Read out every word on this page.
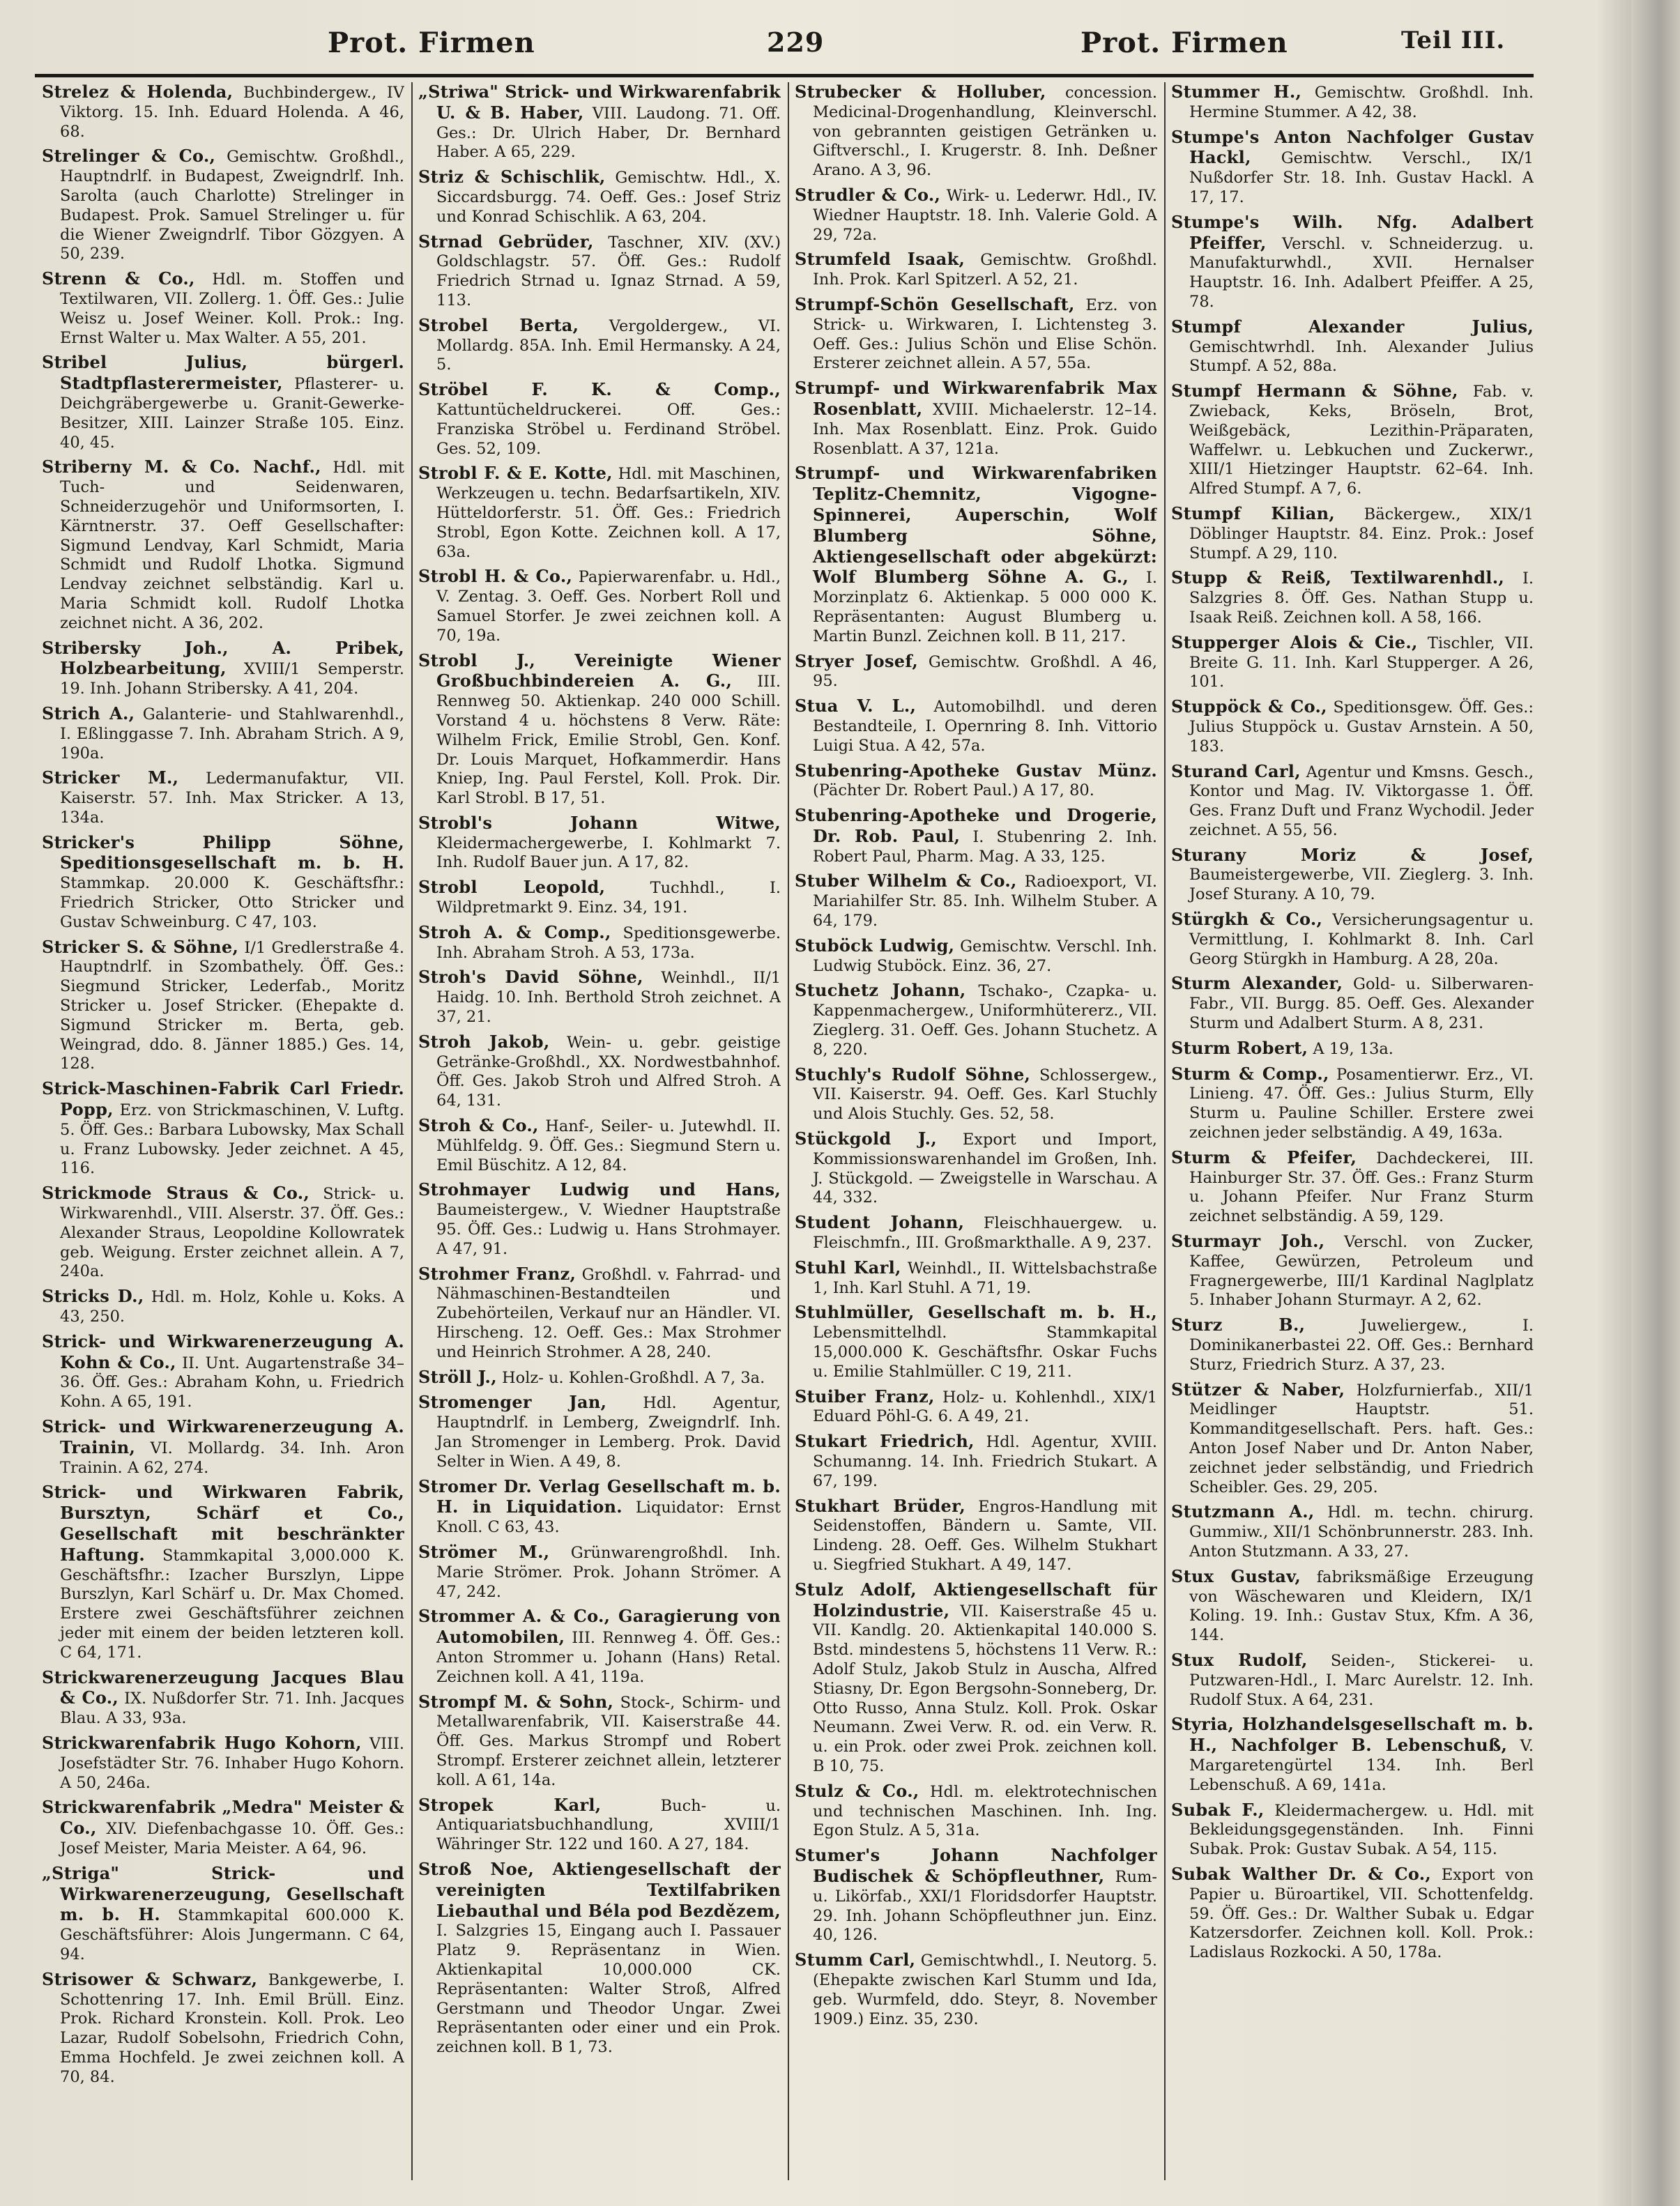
Prot. Firmen	229	Prot. Firmen	Teil III.

Strelez & Holenda, Buchbindergew., IV Viktorg. 15. Inh. Eduard Holenda. A 46, 68.

Strelinger & Co., Gemischtw. Großhdl., Hauptndrlf. in Budapest, Zweigndrlf. Inh. Sarolta (auch Charlotte) Strelinger in Budapest. Prok. Samuel Strelinger u. für die Wiener Zweigndrlf. Tibor Gözgyen. A 50, 239.

Strenn & Co., Hdl. m. Stoffen und Textilwaren, VII. Zollerg. 1. Öff. Ges.: Julie Weisz u. Josef Weiner. Koll. Prok.: Ing. Ernst Walter u. Max Walter. A 55, 201.

Stribel Julius, bürgerl. Stadtpflasterermeister, Pflasterer- u. Deichgräbergewerbe u. Granit-Gewerke-Besitzer, XIII. Lainzer Straße 105. Einz. 40, 45.

Striberny M. & Co. Nachf., Hdl. mit Tuch- und Seidenwaren, Schneiderzugehör und Uniformsorten, I. Kärntnerstr. 37. Oeff Gesellschafter: Sigmund Lendvay, Karl Schmidt, Maria Schmidt und Rudolf Lhotka. Sigmund Lendvay zeichnet selbständig. Karl u. Maria Schmidt koll. Rudolf Lhotka zeichnet nicht. A 36, 202.

Stribersky Joh., A. Pribek, Holzbearbeitung, XVIII/1 Semperstr. 19. Inh. Johann Stribersky. A 41, 204.

Strich A., Galanterie- und Stahlwarenhdl., I. Eßlinggasse 7. Inh. Abraham Strich. A 9, 190a.

Stricker M., Ledermanufaktur, VII. Kaiserstr. 57. Inh. Max Stricker. A 13, 134a.

Stricker's Philipp Söhne, Speditionsgesellschaft m. b. H. Stammkap. 20.000 K. Geschäftsfhr.: Friedrich Stricker, Otto Stricker und Gustav Schweinburg. C 47, 103.

Stricker S. & Söhne, I/1 Gredlerstraße 4. Hauptndrlf. in Szombathely. Öff. Ges.: Siegmund Stricker, Lederfab., Moritz Stricker u. Josef Stricker. (Ehepakte d. Sigmund Stricker m. Berta, geb. Weingrad, ddo. 8. Jänner 1885.) Ges. 14, 128.

Strick-Maschinen-Fabrik Carl Friedr. Popp, Erz. von Strickmaschinen, V. Luftg. 5. Öff. Ges.: Barbara Lubowsky, Max Schall u. Franz Lubowsky. Jeder zeichnet. A 45, 116.

Strickmode Straus & Co., Strick- u. Wirkwarenhdl., VIII. Alserstr. 37. Öff. Ges.: Alexander Straus, Leopoldine Kollowratek geb. Weigung. Erster zeichnet allein. A 7, 240a.

Stricks D., Hdl. m. Holz, Kohle u. Koks. A 43, 250.

Strick- und Wirkwarenerzeugung A. Kohn & Co., II. Unt. Augartenstraße 34–36. Öff. Ges.: Abraham Kohn, u. Friedrich Kohn. A 65, 191.

Strick- und Wirkwarenerzeugung A. Trainin, VI. Mollardg. 34. Inh. Aron Trainin. A 62, 274.

Strick- und Wirkwaren Fabrik, Bursztyn, Schärf et Co., Gesellschaft mit beschränkter Haftung. Stammkapital 3,000.000 K. Geschäftsfhr.: Izacher Burszlyn, Lippe Burszlyn, Karl Schärf u. Dr. Max Chomed. Erstere zwei Geschäftsführer zeichnen jeder mit einem der beiden letzteren koll. C 64, 171.

Strickwarenerzeugung Jacques Blau & Co., IX. Nußdorfer Str. 71. Inh. Jacques Blau. A 33, 93a.

Strickwarenfabrik Hugo Kohorn, VIII. Josefstädter Str. 76. Inhaber Hugo Kohorn. A 50, 246a.

Strickwarenfabrik „Medra" Meister & Co., XIV. Diefenbachgasse 10. Öff. Ges.: Josef Meister, Maria Meister. A 64, 96.

„Striga" Strick- und Wirkwarenerzeugung, Gesellschaft m. b. H. Stammkapital 600.000 K. Geschäftsführer: Alois Jungermann. C 64, 94.

Strisower & Schwarz, Bankgewerbe, I. Schottenring 17. Inh. Emil Brüll. Einz. Prok. Richard Kronstein. Koll. Prok. Leo Lazar, Rudolf Sobelsohn, Friedrich Cohn, Emma Hochfeld. Je zwei zeichnen koll. A 70, 84.

„Striwa" Strick- und Wirkwarenfabrik U. & B. Haber, VIII. Laudong. 71. Off. Ges.: Dr. Ulrich Haber, Dr. Bernhard Haber. A 65, 229.

Striz & Schischlik, Gemischtw. Hdl., X. Siccardsburgg. 74. Oeff. Ges.: Josef Striz und Konrad Schischlik. A 63, 204.

Strnad Gebrüder, Taschner, XIV. (XV.) Goldschlagstr. 57. Öff. Ges.: Rudolf Friedrich Strnad u. Ignaz Strnad. A 59, 113.

Strobel Berta, Vergoldergew., VI. Mollardg. 85A. Inh. Emil Hermansky. A 24, 5.

Ströbel F. K. & Comp., Kattuntücheldruckerei. Off. Ges.: Franziska Ströbel u. Ferdinand Ströbel. Ges. 52, 109.

Strobl F. & E. Kotte, Hdl. mit Maschinen, Werkzeugen u. techn. Bedarfsartikeln, XIV. Hütteldorferstr. 51. Öff. Ges.: Friedrich Strobl, Egon Kotte. Zeichnen koll. A 17, 63a.

Strobl H. & Co., Papierwarenfabr. u. Hdl., V. Zentag. 3. Oeff. Ges. Norbert Roll und Samuel Storfer. Je zwei zeichnen koll. A 70, 19a.

Strobl J., Vereinigte Wiener Großbuchbindereien A. G., III. Rennweg 50. Aktienkap. 240 000 Schill. Vorstand 4 u. höchstens 8 Verw. Räte: Wilhelm Frick, Emilie Strobl, Gen. Konf. Dr. Louis Marquet, Hofkammerdir. Hans Kniep, Ing. Paul Ferstel, Koll. Prok. Dir. Karl Strobl. B 17, 51.

Strobl's Johann Witwe, Kleidermachergewerbe, I. Kohlmarkt 7. Inh. Rudolf Bauer jun. A 17, 82.

Strobl Leopold,	Tuchhdl., I. Wildpretmarkt 9. Einz. 34, 191.

Stroh A. & Comp., Speditionsgewerbe. Inh. Abraham Stroh. A 53, 173a.

Stroh's David Söhne, Weinhdl., II/1 Haidg. 10. Inh. Berthold Stroh zeichnet. A 37, 21.

Stroh Jakob, Wein- u. gebr. geistige Getränke-Großhdl., XX. Nordwestbahnhof. Öff. Ges. Jakob Stroh und Alfred Stroh. A 64, 131.

Stroh & Co., Hanf-, Seiler- u. Jutewhdl. II. Mühlfeldg. 9. Öff. Ges.: Siegmund Stern u. Emil Büschitz. A 12, 84.

Strohmayer Ludwig und Hans, Baumeistergew., V. Wiedner Hauptstraße 95. Öff. Ges.: Ludwig u. Hans Strohmayer. A 47, 91.

Strohmer Franz, Großhdl. v. Fahrrad- und Nähmaschinen-Bestandteilen und Zubehörteilen, Verkauf nur an Händler. VI. Hirscheng. 12. Oeff. Ges.: Max Strohmer und Heinrich Strohmer. A 28, 240.

Ströll J., Holz- u. Kohlen-Großhdl. A 7, 3a.

Stromenger Jan, Hdl. Agentur, Hauptndrlf. in Lemberg, Zweigndrlf. Inh. Jan Stromenger in Lemberg. Prok. David Selter in Wien. A 49, 8.

Stromer Dr. Verlag Gesellschaft m. b. H. in Liquidation. Liquidator: Ernst Knoll. C 63, 43.

Strömer M., Grünwarengroßhdl. Inh. Marie Strömer. Prok. Johann Strömer. A 47, 242.

Strommer A. & Co., Garagierung von Automobilen, III. Rennweg 4. Öff. Ges.: Anton Strommer u. Johann (Hans) Retal. Zeichnen koll. A 41, 119a.

Strompf M. & Sohn, Stock-, Schirm- und Metallwarenfabrik, VII. Kaiserstraße 44. Öff. Ges. Markus Strompf und Robert Strompf. Ersterer zeichnet allein, letzterer koll. A 61, 14a.

Stropek Karl,	Buch- u. Antiquariatsbuchhandlung, XVIII/1 Währinger Str. 122 und 160. A 27, 184.

Stroß Noe, Aktiengesellschaft der vereinigten Textilfabriken Liebauthal und Béla pod Bezdězem, I. Salzgries 15, Eingang auch I. Passauer Platz 9. Repräsentanz in Wien. Aktienkapital 10,000.000 CK. Repräsentanten: Walter Stroß, Alfred Gerstmann und Theodor Ungar. Zwei Repräsentanten oder einer und ein Prok. zeichnen koll. B 1, 73.

Strubecker & Holluber, concession. Medicinal-Drogenhandlung, Kleinverschl. von gebrannten geistigen Getränken u. Giftverschl., I. Krugerstr. 8. Inh. Deßner Arano. A 3, 96.

Strudler & Co., Wirk- u. Lederwr. Hdl., IV. Wiedner Hauptstr. 18. Inh. Valerie Gold. A 29, 72a.

Strumfeld Isaak, Gemischtw. Großhdl. Inh. Prok. Karl Spitzerl. A 52, 21.

Strumpf-Schön Gesellschaft, Erz. von Strick- u. Wirkwaren, I. Lichtensteg 3. Oeff. Ges.: Julius Schön und Elise Schön. Ersterer zeichnet allein. A 57, 55a.

Strumpf- und Wirkwarenfabrik Max Rosenblatt, XVIII. Michaelerstr. 12–14. Inh. Max Rosenblatt. Einz. Prok. Guido Rosenblatt. A 37, 121a.

Strumpf- und Wirkwarenfabriken Teplitz-Chemnitz, Vigogne-Spinnerei, Auperschin, Wolf Blumberg Söhne, Aktiengesellschaft oder abgekürzt: Wolf Blumberg Söhne A. G., I. Morzinplatz 6. Aktienkap. 5 000 000 K. Repräsentanten: August Blumberg u. Martin Bunzl. Zeichnen koll. B 11, 217.

Stryer Josef, Gemischtw. Großhdl. A 46, 95.

Stua V. L., Automobilhdl. und deren Bestandteile, I. Opernring 8. Inh. Vittorio Luigi Stua. A 42, 57a.

Stubenring-Apotheke Gustav Münz. (Pächter Dr. Robert Paul.) A 17, 80.

Stubenring-Apotheke und Drogerie, Dr. Rob. Paul, I. Stubenring 2. Inh. Robert Paul, Pharm. Mag. A 33, 125.

Stuber Wilhelm & Co., Radioexport, VI. Mariahilfer Str. 85. Inh. Wilhelm Stuber. A 64, 179.

Stuböck Ludwig, Gemischtw. Verschl. Inh. Ludwig Stuböck. Einz. 36, 27.

Stuchetz Johann, Tschako-, Czapka- u. Kappenmachergew., Uniformhütererz., VII. Zieglerg. 31. Oeff. Ges. Johann Stuchetz. A 8, 220.

Stuchly's Rudolf Söhne, Schlossergew., VII. Kaiserstr. 94. Oeff. Ges. Karl Stuchly und Alois Stuchly. Ges. 52, 58.

Stückgold J., Export und Import, Kommissionswarenhandel im Großen, Inh. J. Stückgold. — Zweigstelle in Warschau. A 44, 332.

Student Johann, Fleischhauergew. u. Fleischmfn., III. Großmarkthalle. A 9, 237.

Stuhl Karl, Weinhdl., II. Wittelsbachstraße 1, Inh. Karl Stuhl. A 71, 19.

Stuhlmüller, Gesellschaft m. b. H., Lebensmittelhdl. Stammkapital 15,000.000 K. Geschäftsfhr. Oskar Fuchs u. Emilie Stahlmüller. C 19, 211.

Stuiber Franz, Holz- u. Kohlenhdl., XIX/1 Eduard Pöhl-G. 6. A 49, 21.

Stukart Friedrich, Hdl. Agentur, XVIII. Schumanng. 14. Inh. Friedrich Stukart. A 67, 199.

Stukhart Brüder, Engros-Handlung mit Seidenstoffen, Bändern u. Samte, VII. Lindeng. 28. Oeff. Ges. Wilhelm Stukhart u. Siegfried Stukhart. A 49, 147.

Stulz Adolf, Aktiengesellschaft für Holzindustrie, VII. Kaiserstraße 45 u. VII. Kandlg. 20. Aktienkapital 140.000 S. Bstd. mindestens 5, höchstens 11 Verw. R.: Adolf Stulz, Jakob Stulz in Auscha, Alfred Stiasny, Dr. Egon Bergsohn-Sonneberg, Dr. Otto Russo, Anna Stulz. Koll. Prok. Oskar Neumann. Zwei Verw. R. od. ein Verw. R. u. ein Prok. oder zwei Prok. zeichnen koll. B 10, 75.

Stulz & Co., Hdl. m. elektrotechnischen und technischen Maschinen. Inh. Ing. Egon Stulz. A 5, 31a.

Stumer's Johann Nachfolger Budischek & Schöpfleuthner, Rum- u. Likörfab., XXI/1 Floridsdorfer Hauptstr. 29. Inh. Johann Schöpfleuthner jun. Einz. 40, 126.

Stumm Carl, Gemischtwhdl., I. Neutorg. 5. (Ehepakte zwischen Karl Stumm und Ida, geb. Wurmfeld, ddo. Steyr, 8. November 1909.) Einz. 35, 230.

Stummer H., Gemischtw. Großhdl. Inh. Hermine Stummer. A 42, 38.

Stumpe's Anton Nachfolger Gustav Hackl, Gemischtw. Verschl., IX/1 Nußdorfer Str. 18. Inh. Gustav Hackl. A 17, 17.

Stumpe's Wilh. Nfg. Adalbert Pfeiffer, Verschl. v. Schneiderzug. u. Manufakturwhdl., XVII. Hernalser Hauptstr. 16. Inh. Adalbert Pfeiffer. A 25, 78.

Stumpf Alexander Julius, Gemischtwrhdl. Inh. Alexander Julius Stumpf. A 52, 88a.

Stumpf Hermann & Söhne, Fab. v. Zwieback, Keks, Bröseln, Brot, Weißgebäck, Lezithin-Präparaten, Waffelwr. u. Lebkuchen und Zuckerwr., XIII/1 Hietzinger Hauptstr. 62–64. Inh. Alfred Stumpf. A 7, 6.

Stumpf Kilian, Bäckergew., XIX/1 Döblinger Hauptstr. 84. Einz. Prok.: Josef Stumpf. A 29, 110.

Stupp & Reiß, Textilwarenhdl., I. Salzgries 8. Öff. Ges. Nathan Stupp u. Isaak Reiß. Zeichnen koll. A 58, 166.

Stupperger Alois & Cie., Tischler, VII. Breite G. 11. Inh. Karl Stupperger. A 26, 101.

Stuppöck & Co., Speditionsgew. Öff. Ges.: Julius Stuppöck u. Gustav Arnstein. A 50, 183.

Sturand Carl, Agentur und Kmsns. Gesch., Kontor und Mag. IV. Viktorgasse 1. Öff. Ges. Franz Duft und Franz Wychodil. Jeder zeichnet. A 55, 56.

Sturany Moriz & Josef, Baumeistergewerbe, VII. Zieglerg. 3. Inh. Josef Sturany. A 10, 79.

Stürgkh & Co., Versicherungsagentur u. Vermittlung, I. Kohlmarkt 8. Inh. Carl Georg Stürgkh in Hamburg. A 28, 20a.

Sturm Alexander, Gold- u. Silberwaren-Fabr., VII. Burgg. 85. Oeff. Ges. Alexander Sturm und Adalbert Sturm. A 8, 231.

Sturm Robert, A 19, 13a.

Sturm & Comp., Posamentierwr. Erz., VI. Linieng. 47. Öff. Ges.: Julius Sturm, Elly Sturm u. Pauline Schiller. Erstere zwei zeichnen jeder selbständig. A 49, 163a.

Sturm & Pfeifer, Dachdeckerei, III. Hainburger Str. 37. Öff. Ges.: Franz Sturm u. Johann Pfeifer. Nur Franz Sturm zeichnet selbständig. A 59, 129.

Sturmayr Joh., Verschl. von Zucker, Kaffee, Gewürzen, Petroleum und Fragnergewerbe, III/1 Kardinal Naglplatz 5. Inhaber Johann Sturmayr. A 2, 62.

Sturz B.,	Juweliergew., I. Dominikanerbastei 22. Off. Ges.: Bernhard Sturz, Friedrich Sturz. A 37, 23.

Stützer & Naber, Holzfurnierfab., XII/1 Meidlinger Hauptstr. 51. Kommanditgesellschaft. Pers. haft. Ges.: Anton Josef Naber und Dr. Anton Naber, zeichnet jeder selbständig, und Friedrich Scheibler. Ges. 29, 205.

Stutzmann A., Hdl. m. techn. chirurg. Gummiw., XII/1 Schönbrunnerstr. 283. Inh. Anton Stutzmann. A 33, 27.

Stux Gustav, fabriksmäßige Erzeugung von Wäschewaren und Kleidern, IX/1 Koling. 19. Inh.: Gustav Stux, Kfm. A 36, 144.

Stux Rudolf, Seiden-, Stickerei- u. Putzwaren-Hdl., I. Marc Aurelstr. 12. Inh. Rudolf Stux. A 64, 231.

Styria, Holzhandelsgesellschaft m. b. H., Nachfolger B. Lebenschuß, V. Margaretengürtel 134. Inh. Berl Lebenschuß. A 69, 141a.

Subak F., Kleidermachergew. u. Hdl. mit Bekleidungsgegenständen. Inh. Finni Subak. Prok: Gustav Subak. A 54, 115.

Subak Walther Dr. & Co., Export von Papier u. Büroartikel, VII. Schottenfeldg. 59. Öff. Ges.: Dr. Walther Subak u. Edgar Katzersdorfer. Zeichnen koll. Koll. Prok.: Ladislaus Rozkocki. A 50, 178a.
